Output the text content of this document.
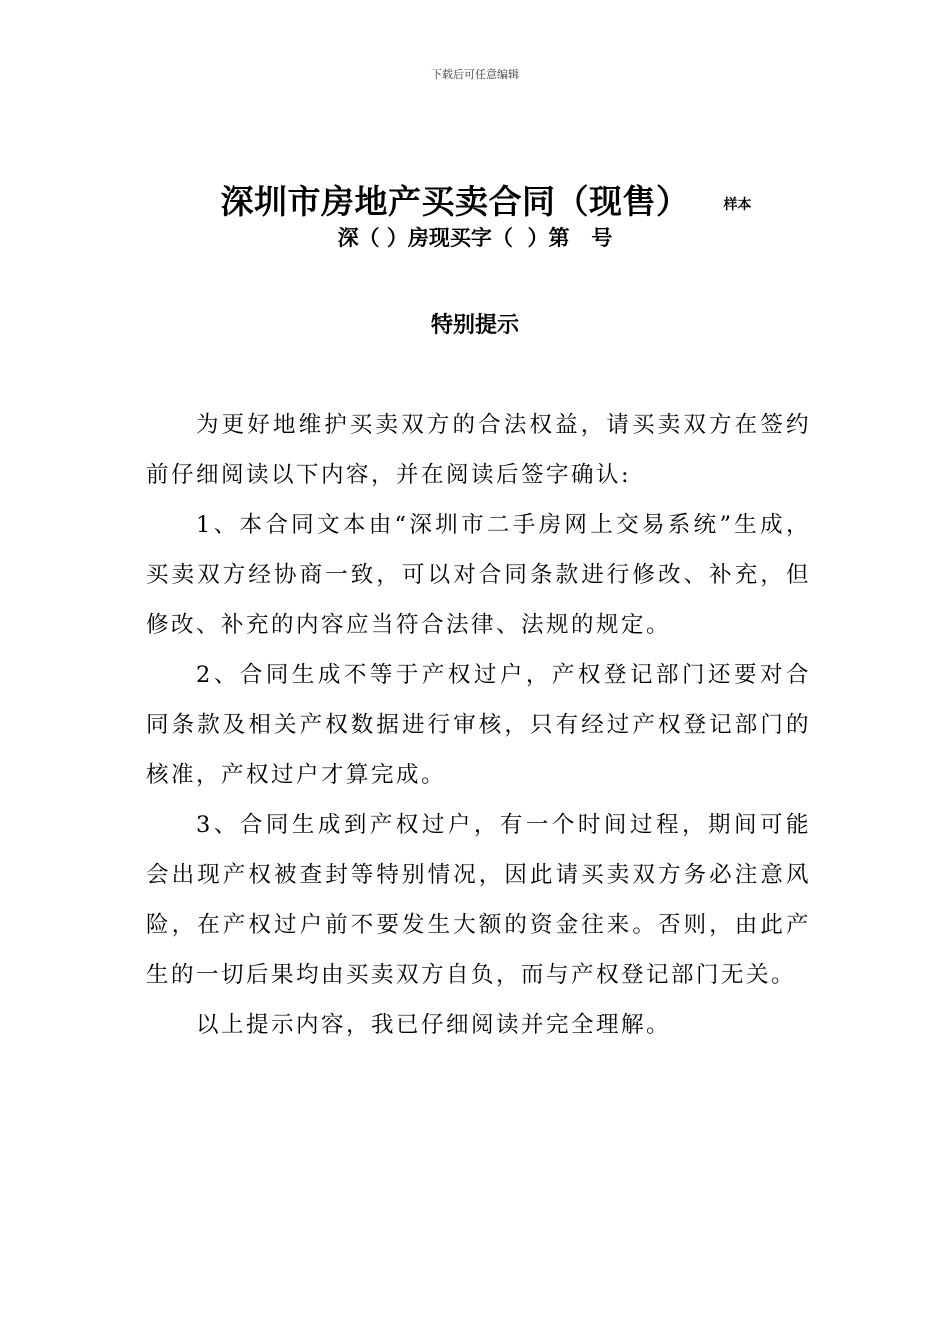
下载后可任意编辑
深圳市房地产买卖合同（现售） 样本
深（ ）房现买字（  ）第   号
特别提示

为更好地维护买卖双方的合法权益，请买卖双方在签约前仔细阅读以下内容，并在阅读后签字确认:

1、本合同文本由“深圳市二手房网上交易系统”生成，买卖双方经协商一致，可以对合同条款进行修改、补充，但修改、补充的内容应当符合法律、法规的规定。

2、合同生成不等于产权过户，产权登记部门还要对合同条款及相关产权数据进行审核，只有经过产权登记部门的核准，产权过户才算完成。

3、合同生成到产权过户，有一个时间过程，期间可能会出现产权被查封等特别情况，因此请买卖双方务必注意风险，在产权过户前不要发生大额的资金往来。否则，由此产生的一切后果均由买卖双方自负，而与产权登记部门无关。

以上提示内容，我已仔细阅读并完全理解。
